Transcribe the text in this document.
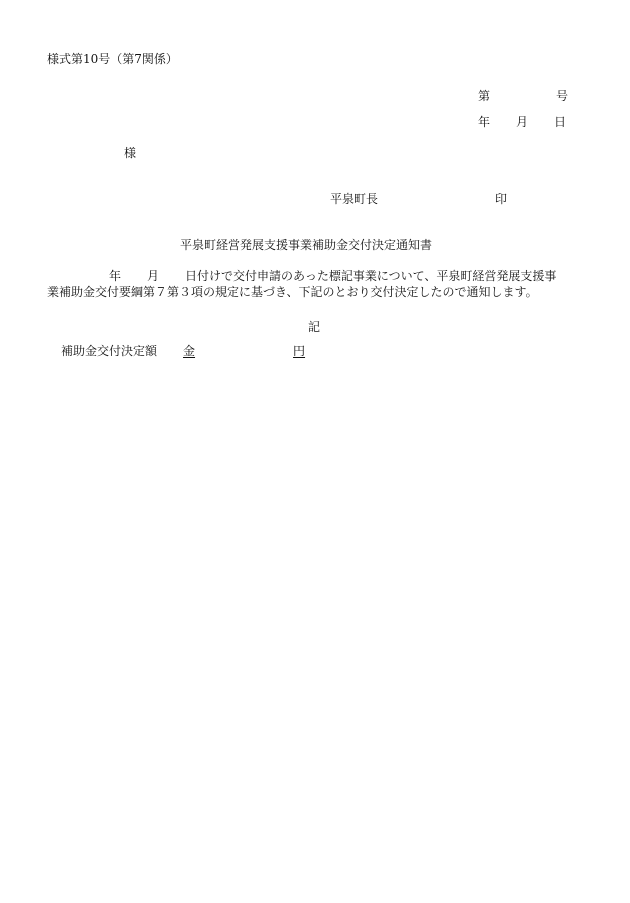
様式第10号（第7関係）
第	号
年 月 日
様
平泉町長	印
平泉町経営発展支援事業補助金交付決定通知書
年 月 日付けで交付申請のあった標記事業について、平泉町経営発展支援事
業補助金交付要綱第７第３項の規定に基づき、下記のとおり交付決定したので通知します。
記
補助金交付決定額 金	円
